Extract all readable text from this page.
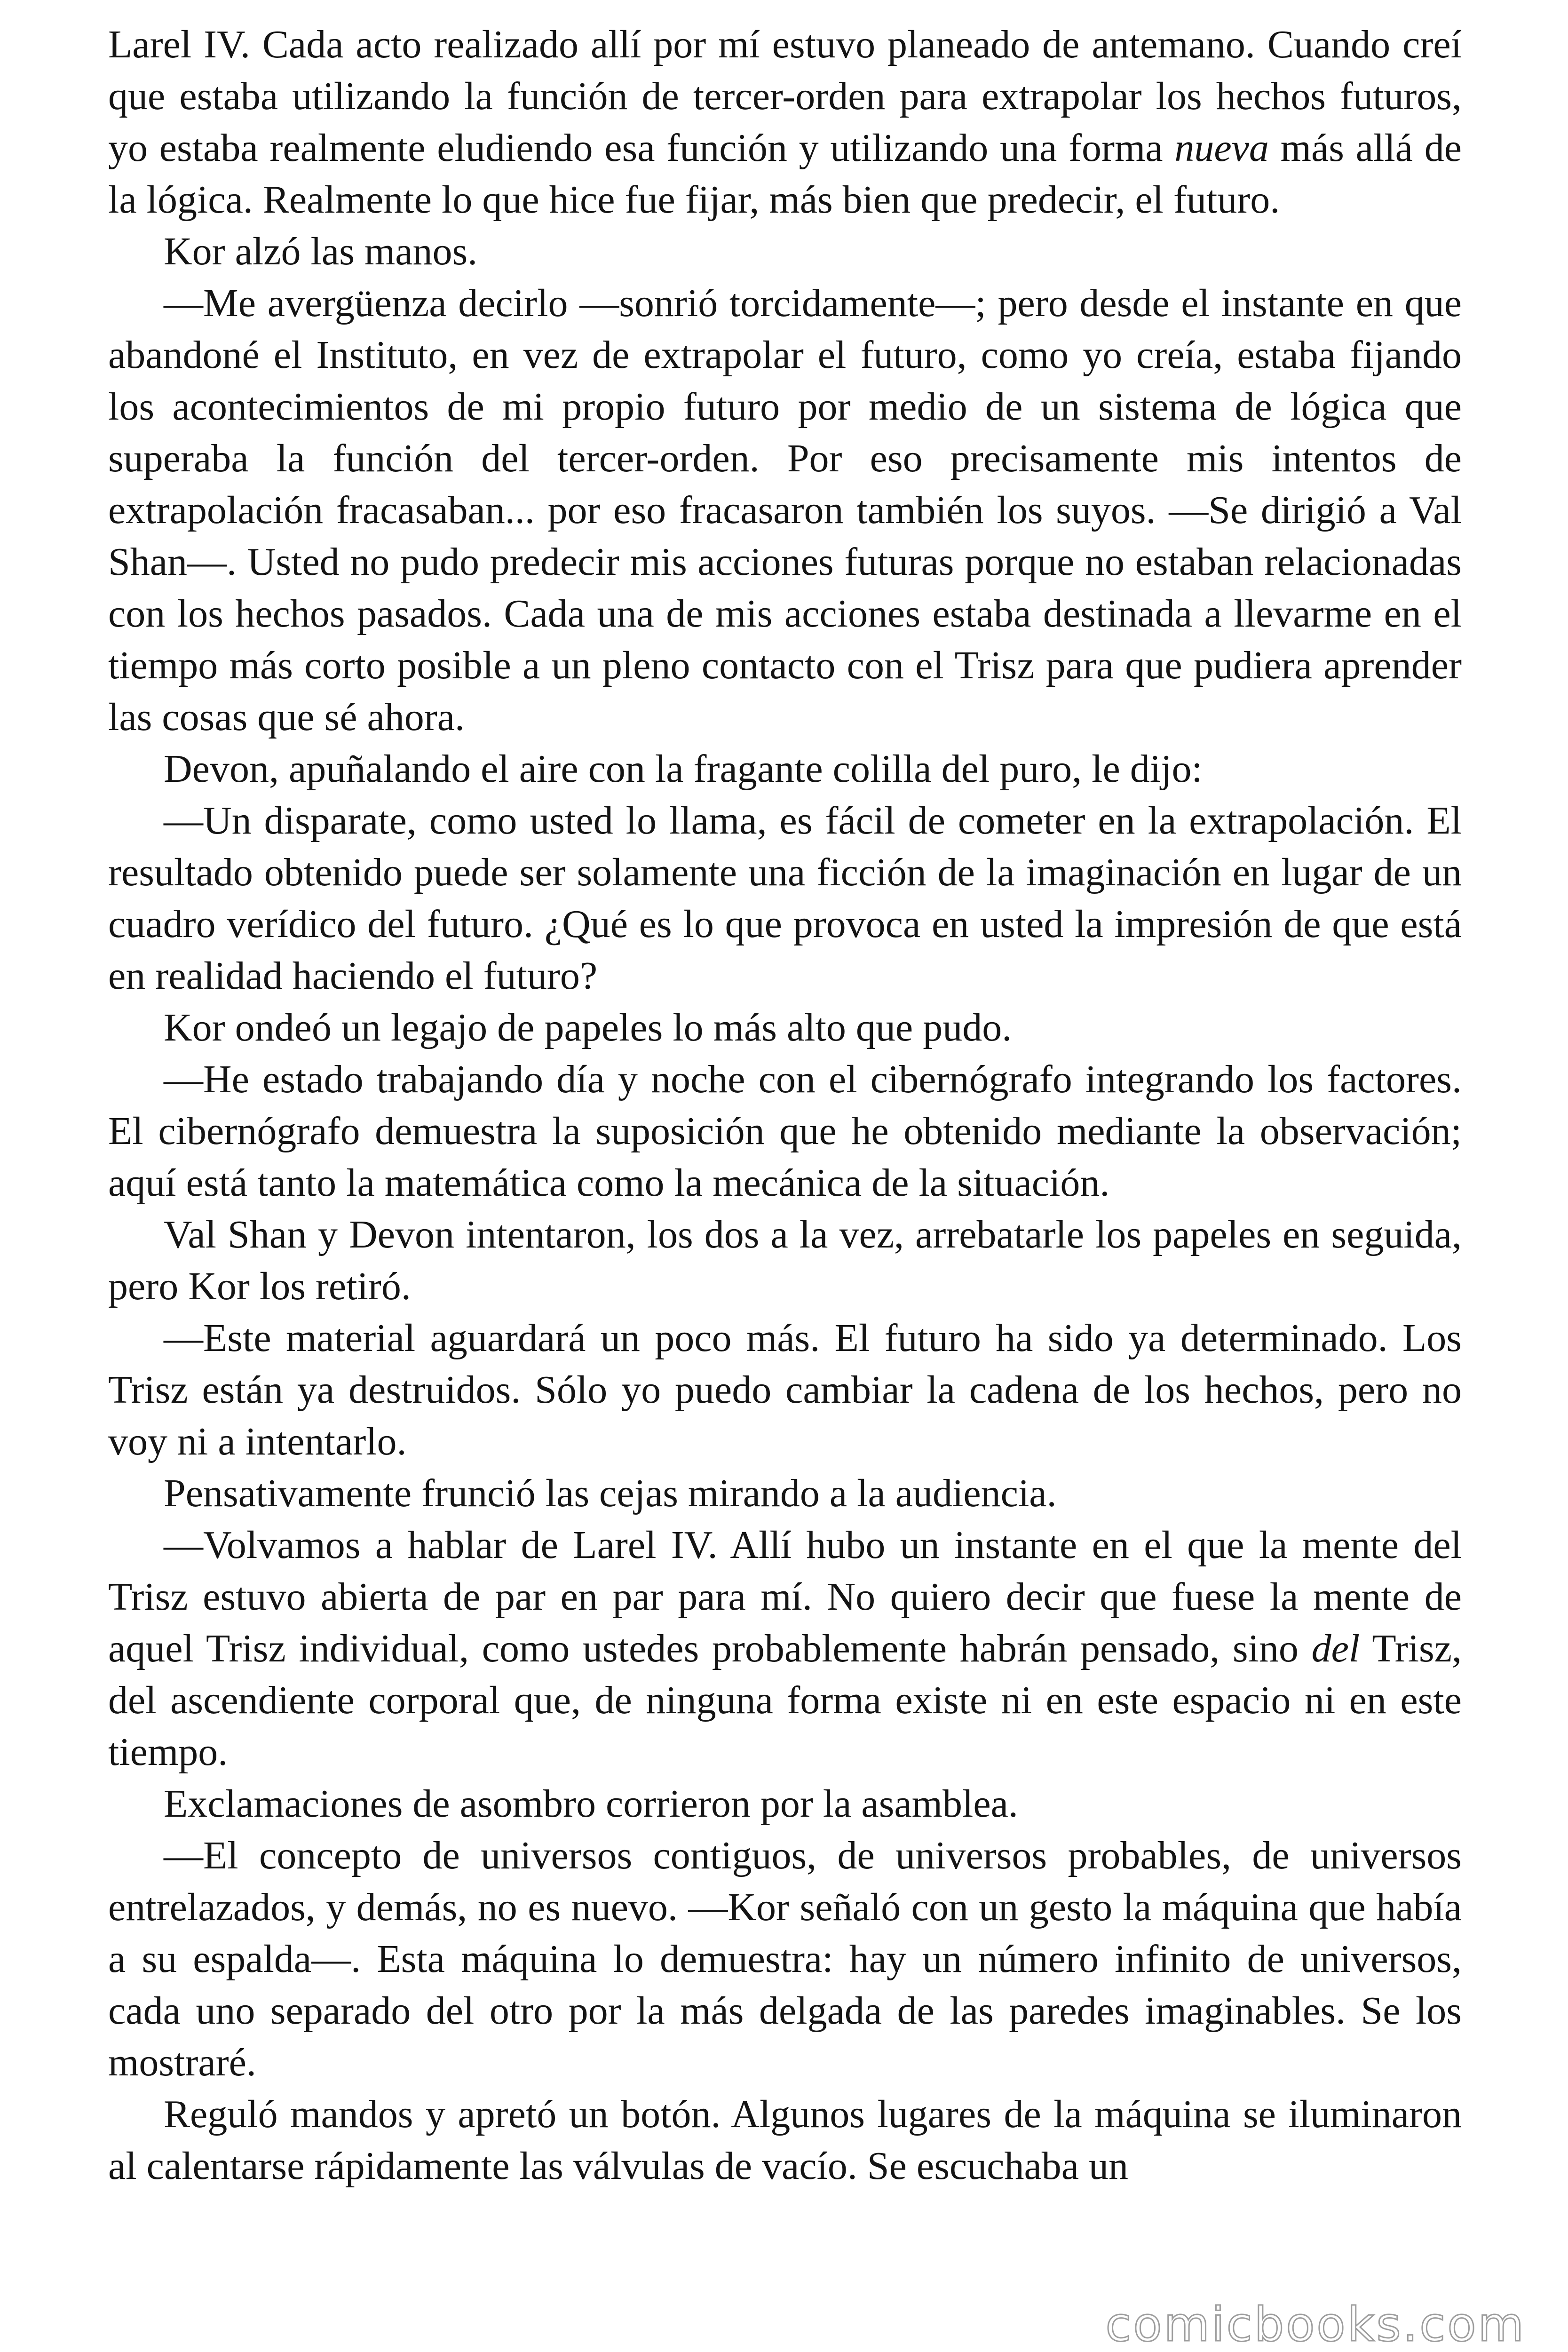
Larel IV. Cada acto realizado allí por mí estuvo planeado de antemano. Cuando creí que estaba utilizando la función de tercer-orden para extrapolar los hechos futuros, yo estaba realmente eludiendo esa función y utilizando una forma nueva más allá de la lógica. Realmente lo que hice fue fijar, más bien que predecir, el futuro.

Kor alzó las manos.

—Me avergüenza decirlo —sonrió torcidamente—; pero desde el instante en que abandoné el Instituto, en vez de extrapolar el futuro, como yo creía, estaba fijando los acontecimientos de mi propio futuro por medio de un sistema de lógica que superaba la función del tercer-orden. Por eso precisamente mis intentos de extrapolación fracasaban... por eso fracasaron también los suyos. —Se dirigió a Val Shan—. Usted no pudo predecir mis acciones futuras porque no estaban relacionadas con los hechos pasados. Cada una de mis acciones estaba destinada a llevarme en el tiempo más corto posible a un pleno contacto con el Trisz para que pudiera aprender las cosas que sé ahora.

Devon, apuñalando el aire con la fragante colilla del puro, le dijo:

—Un disparate, como usted lo llama, es fácil de cometer en la extrapolación. El resultado obtenido puede ser solamente una ficción de la imaginación en lugar de un cuadro verídico del futuro. ¿Qué es lo que provoca en usted la impresión de que está en realidad haciendo el futuro?

Kor ondeó un legajo de papeles lo más alto que pudo.

—He estado trabajando día y noche con el cibernógrafo integrando los factores. El cibernógrafo demuestra la suposición que he obtenido mediante la observación; aquí está tanto la matemática como la mecánica de la situación.

Val Shan y Devon intentaron, los dos a la vez, arrebatarle los papeles en seguida, pero Kor los retiró.

—Este material aguardará un poco más. El futuro ha sido ya determinado. Los Trisz están ya destruidos. Sólo yo puedo cambiar la cadena de los hechos, pero no voy ni a intentarlo.

Pensativamente frunció las cejas mirando a la audiencia.

—Volvamos a hablar de Larel IV. Allí hubo un instante en el que la mente del Trisz estuvo abierta de par en par para mí. No quiero decir que fuese la mente de aquel Trisz individual, como ustedes probablemente habrán pensado, sino del Trisz, del ascendiente corporal que, de ninguna forma existe ni en este espacio ni en este tiempo.

Exclamaciones de asombro corrieron por la asamblea.

—El concepto de universos contiguos, de universos probables, de universos entrelazados, y demás, no es nuevo. —Kor señaló con un gesto la máquina que había a su espalda—. Esta máquina lo demuestra: hay un número infinito de universos, cada uno separado del otro por la más delgada de las paredes imaginables. Se los mostraré.

Reguló mandos y apretó un botón. Algunos lugares de la máquina se iluminaron al calentarse rápidamente las válvulas de vacío. Se escuchaba un

comicbooks.com
